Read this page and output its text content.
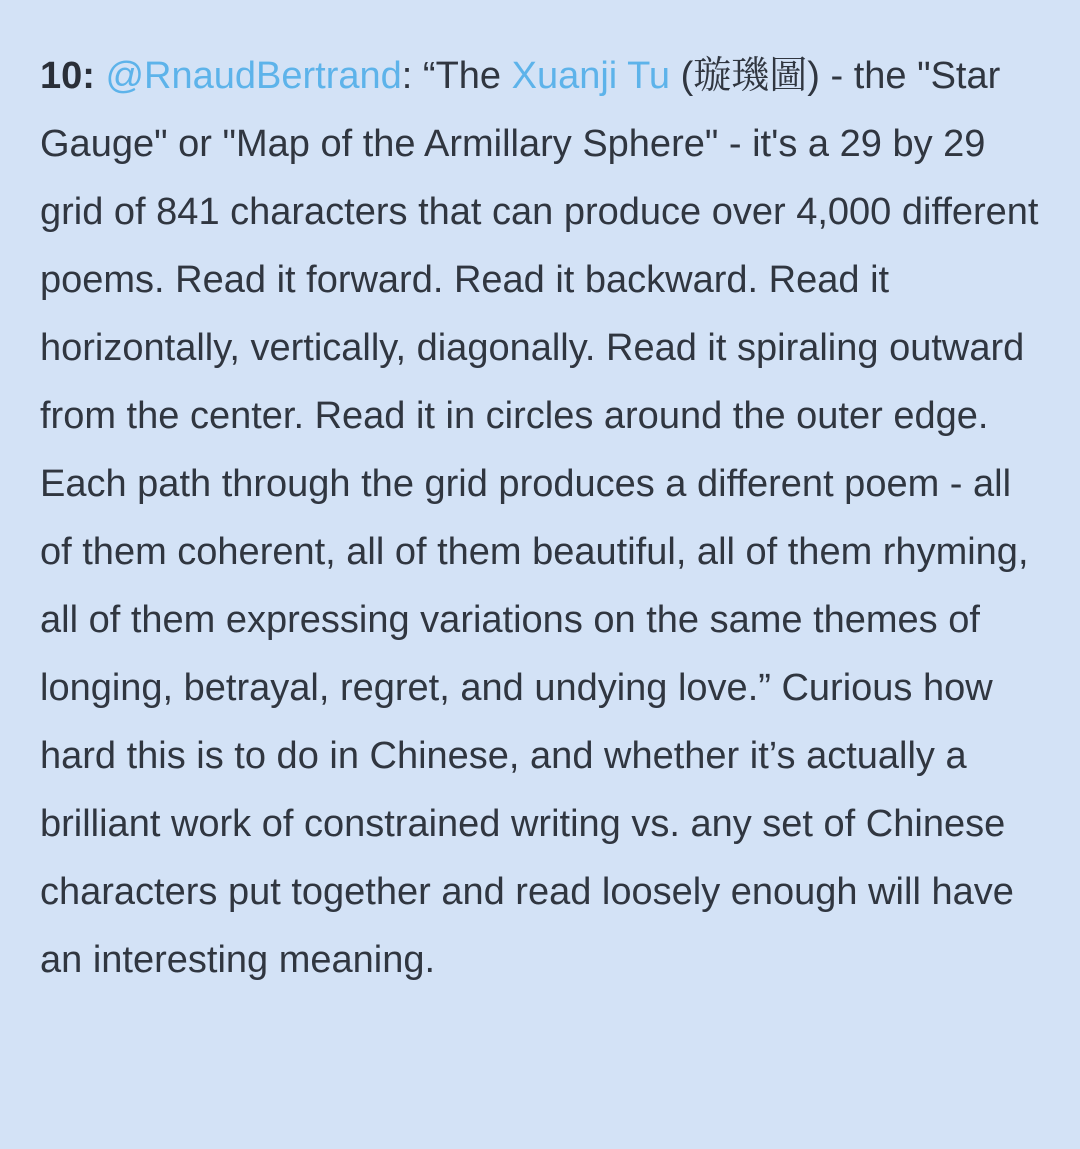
10: @RnaudBertrand: “The Xuanji Tu (璇璣圖) - the "Star Gauge" or "Map of the Armillary Sphere" - it's a 29 by 29 grid of 841 characters that can produce over 4,000 different poems. Read it forward. Read it backward. Read it horizontally, vertically, diagonally. Read it spiraling outward from the center. Read it in circles around the outer edge. Each path through the grid produces a different poem - all of them coherent, all of them beautiful, all of them rhyming, all of them expressing variations on the same themes of longing, betrayal, regret, and undying love.” Curious how hard this is to do in Chinese, and whether it’s actually a brilliant work of constrained writing vs. any set of Chinese characters put together and read loosely enough will have an interesting meaning.
